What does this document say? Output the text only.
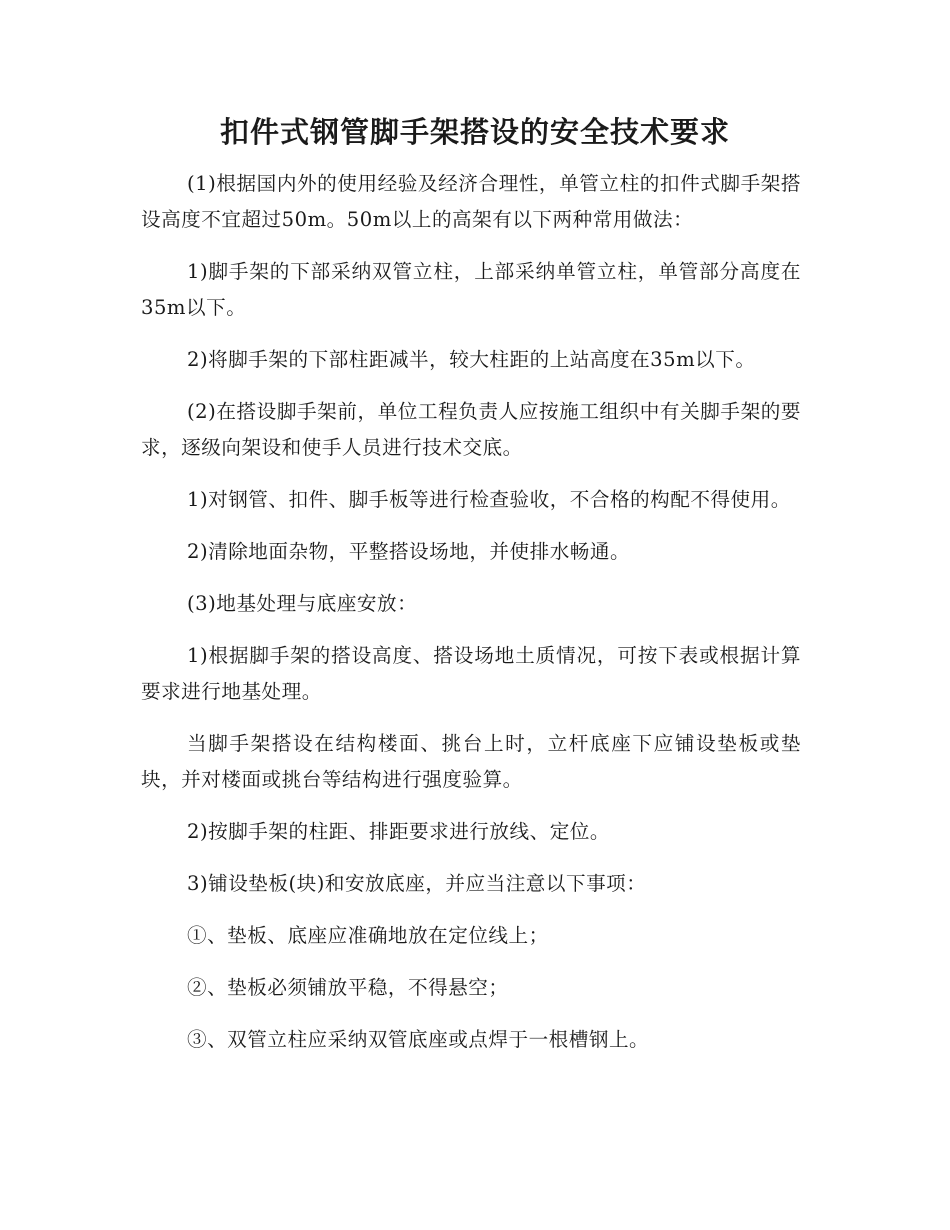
扣件式钢管脚手架搭设的安全技术要求

(1)根据国内外的使用经验及经济合理性，单管立柱的扣件式脚手架搭设高度不宜超过50m。50m以上的高架有以下两种常用做法：

1)脚手架的下部采纳双管立柱，上部采纳单管立柱，单管部分高度在35m以下。

2)将脚手架的下部柱距减半，较大柱距的上站高度在35m以下。

(2)在搭设脚手架前，单位工程负责人应按施工组织中有关脚手架的要求，逐级向架设和使手人员进行技术交底。

1)对钢管、扣件、脚手板等进行检查验收，不合格的构配不得使用。

2)清除地面杂物，平整搭设场地，并使排水畅通。

(3)地基处理与底座安放：

1)根据脚手架的搭设高度、搭设场地土质情况，可按下表或根据计算要求进行地基处理。

当脚手架搭设在结构楼面、挑台上时，立杆底座下应铺设垫板或垫块，并对楼面或挑台等结构进行强度验算。

2)按脚手架的柱距、排距要求进行放线、定位。

3)铺设垫板(块)和安放底座，并应当注意以下事项：

①、垫板、底座应准确地放在定位线上；

②、垫板必须铺放平稳，不得悬空；

③、双管立柱应采纳双管底座或点焊于一根槽钢上。
